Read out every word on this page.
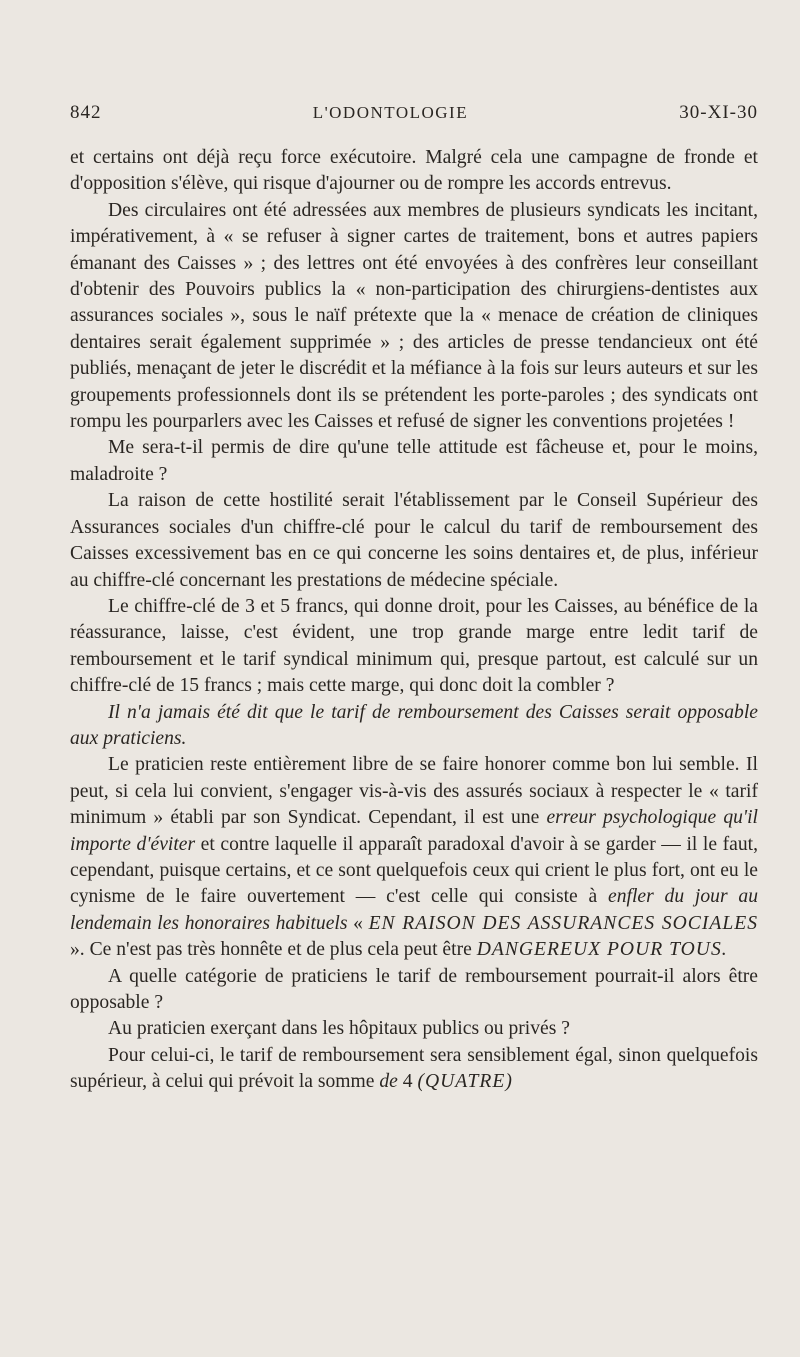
842	L'ODONTOLOGIE	30-XI-30

et certains ont déjà reçu force exécutoire. Malgré cela une campagne de fronde et d'opposition s'élève, qui risque d'ajourner ou de rompre les accords entrevus.

Des circulaires ont été adressées aux membres de plusieurs syndicats les incitant, impérativement, à « se refuser à signer cartes de traitement, bons et autres papiers émanant des Caisses » ; des lettres ont été envoyées à des confrères leur conseillant d'obtenir des Pouvoirs publics la « non-participation des chirurgiens-dentistes aux assurances sociales », sous le naïf prétexte que la « menace de création de cliniques dentaires serait également supprimée » ; des articles de presse tendancieux ont été publiés, menaçant de jeter le discrédit et la méfiance à la fois sur leurs auteurs et sur les groupements professionnels dont ils se prétendent les porte-paroles ; des syndicats ont rompu les pourparlers avec les Caisses et refusé de signer les conventions projetées !

Me sera-t-il permis de dire qu'une telle attitude est fâcheuse et, pour le moins, maladroite ?

La raison de cette hostilité serait l'établissement par le Conseil Supérieur des Assurances sociales d'un chiffre-clé pour le calcul du tarif de remboursement des Caisses excessivement bas en ce qui concerne les soins dentaires et, de plus, inférieur au chiffre-clé concernant les prestations de médecine spéciale.

Le chiffre-clé de 3 et 5 francs, qui donne droit, pour les Caisses, au bénéfice de la réassurance, laisse, c'est évident, une trop grande marge entre ledit tarif de remboursement et le tarif syndical minimum qui, presque partout, est calculé sur un chiffre-clé de 15 francs ; mais cette marge, qui donc doit la combler ?

Il n'a jamais été dit que le tarif de remboursement des Caisses serait opposable aux praticiens.

Le praticien reste entièrement libre de se faire honorer comme bon lui semble. Il peut, si cela lui convient, s'engager vis-à-vis des assurés sociaux à respecter le « tarif minimum » établi par son Syndicat. Cependant, il est une erreur psychologique qu'il importe d'éviter et contre laquelle il apparaît paradoxal d'avoir à se garder — il le faut, cependant, puisque certains, et ce sont quelquefois ceux qui crient le plus fort, ont eu le cynisme de le faire ouvertement — c'est celle qui consiste à enfler du jour au lendemain les honoraires habituels « EN RAISON DES ASSURANCES SOCIALES ». Ce n'est pas très honnête et de plus cela peut être DANGEREUX POUR TOUS.

A quelle catégorie de praticiens le tarif de remboursement pourrait-il alors être opposable ?

Au praticien exerçant dans les hôpitaux publics ou privés ?

Pour celui-ci, le tarif de remboursement sera sensiblement égal, sinon quelquefois supérieur, à celui qui prévoit la somme de 4 (QUATRE)
